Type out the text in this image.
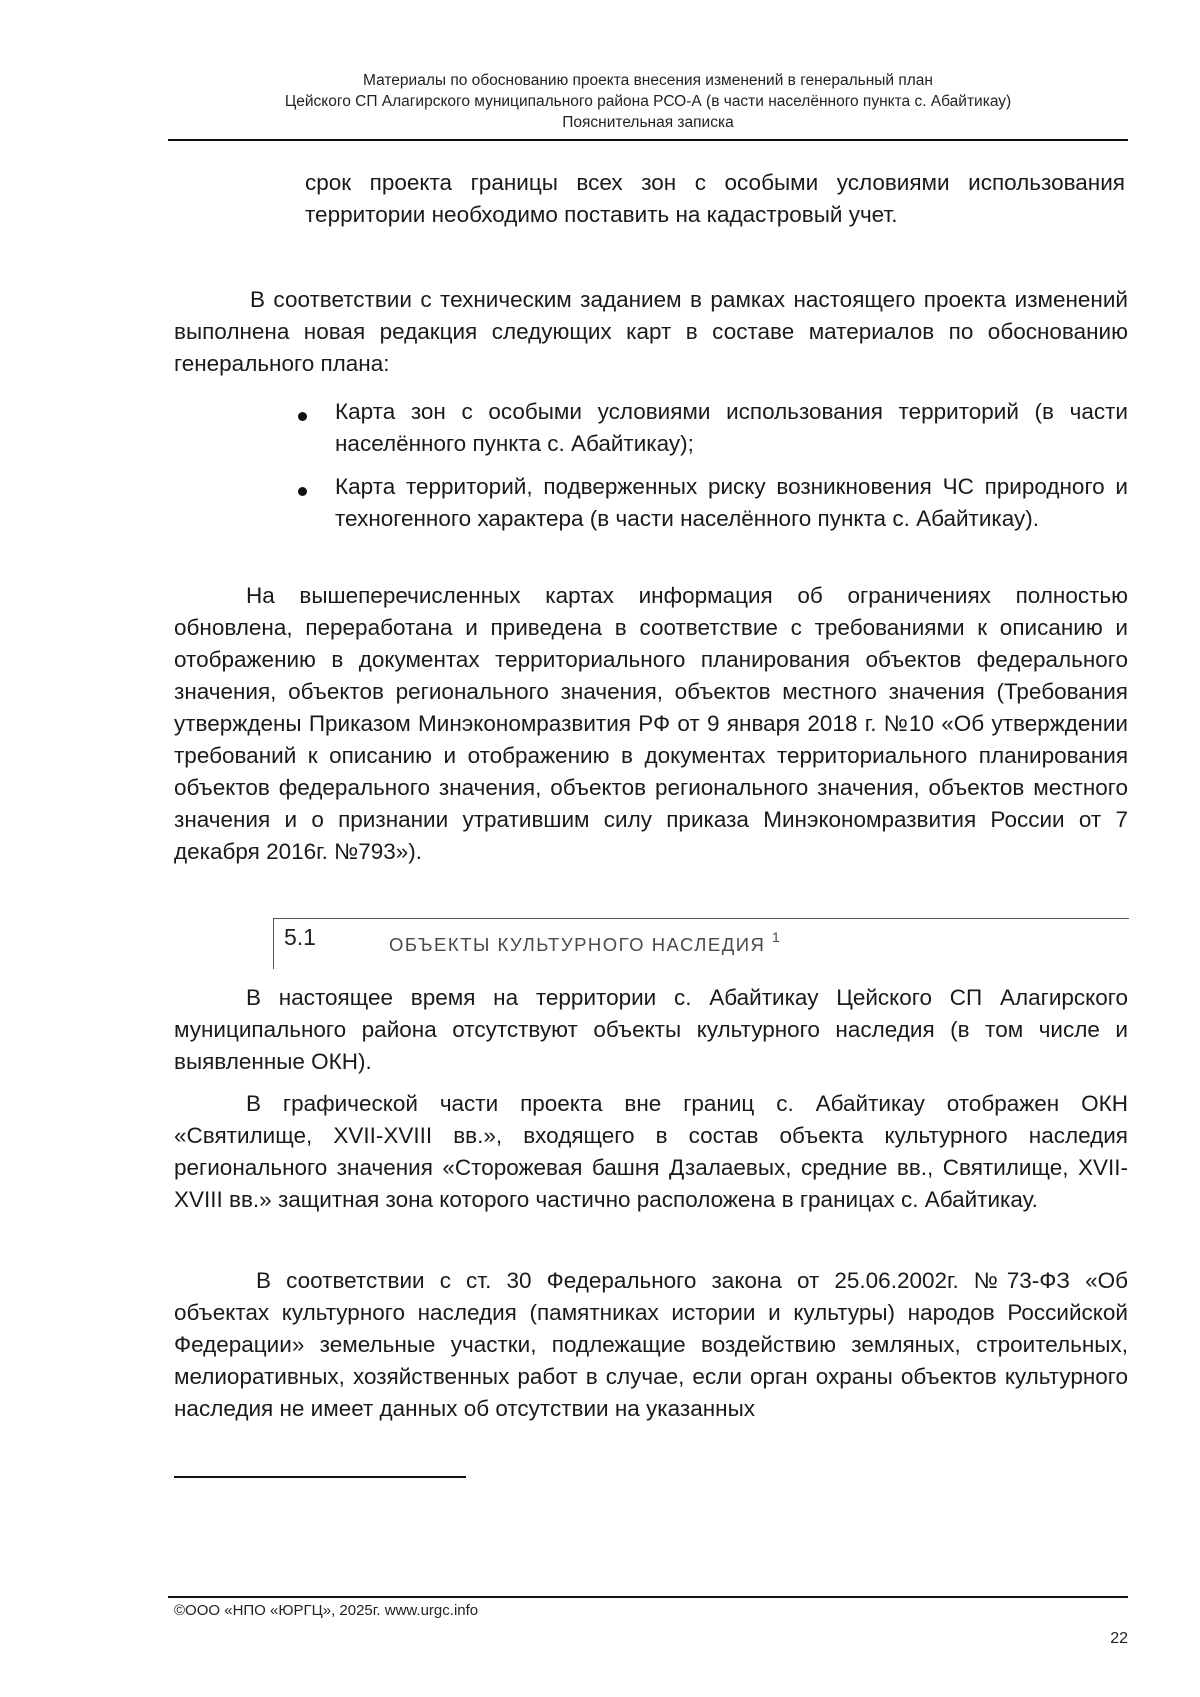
Материалы по обоснованию проекта внесения изменений в генеральный план
Цейского СП Алагирского муниципального района РСО-А (в части населённого пункта с. Абайтикау)
Пояснительная записка

срок проекта границы всех зон с особыми условиями использования территории необходимо поставить на кадастровый учет.

В соответствии с техническим заданием в рамках настоящего проекта изменений выполнена новая редакция следующих карт в составе материалов по обоснованию генерального плана:

Карта зон с особыми условиями использования территорий (в части населённого пункта с. Абайтикау);

Карта территорий, подверженных риску возникновения ЧС природного и техногенного характера (в части населённого пункта с. Абайтикау).

На вышеперечисленных картах информация об ограничениях полностью обновлена, переработана и приведена в соответствие с требованиями к описанию и отображению в документах территориального планирования объектов федерального значения, объектов регионального значения, объектов местного значения (Требования утверждены Приказом Минэкономразвития РФ от 9 января 2018 г. №10 «Об утверждении требований к описанию и отображению в документах территориального планирования объектов федерального значения, объектов регионального значения, объектов местного значения и о признании утратившим силу приказа Минэкономразвития России от 7 декабря 2016г. №793»).

5.1	ОБЪЕКТЫ КУЛЬТУРНОГО НАСЛЕДИЯ $^1$

В настоящее время на территории с. Абайтикау Цейского СП Алагирского муниципального района отсутствуют объекты культурного наследия (в том числе и выявленные ОКН).

В графической части проекта вне границ с. Абайтикау отображен ОКН «Святилище, XVII-XVIII вв.», входящего в состав объекта культурного наследия регионального значения «Сторожевая башня Дзалаевых, средние вв., Святилище, XVII-XVIII вв.» защитная зона которого частично расположена в границах с. Абайтикау.

В соответствии с ст. 30 Федерального закона от 25.06.2002г. №73-ФЗ «Об объектах культурного наследия (памятниках истории и культуры) народов Российской Федерации» земельные участки, подлежащие воздействию земляных, строительных, мелиоративных, хозяйственных работ в случае, если орган охраны объектов культурного наследия не имеет данных об отсутствии на указанных

©ООО «НПО «ЮРГЦ», 2025г. www.urgc.info
22
